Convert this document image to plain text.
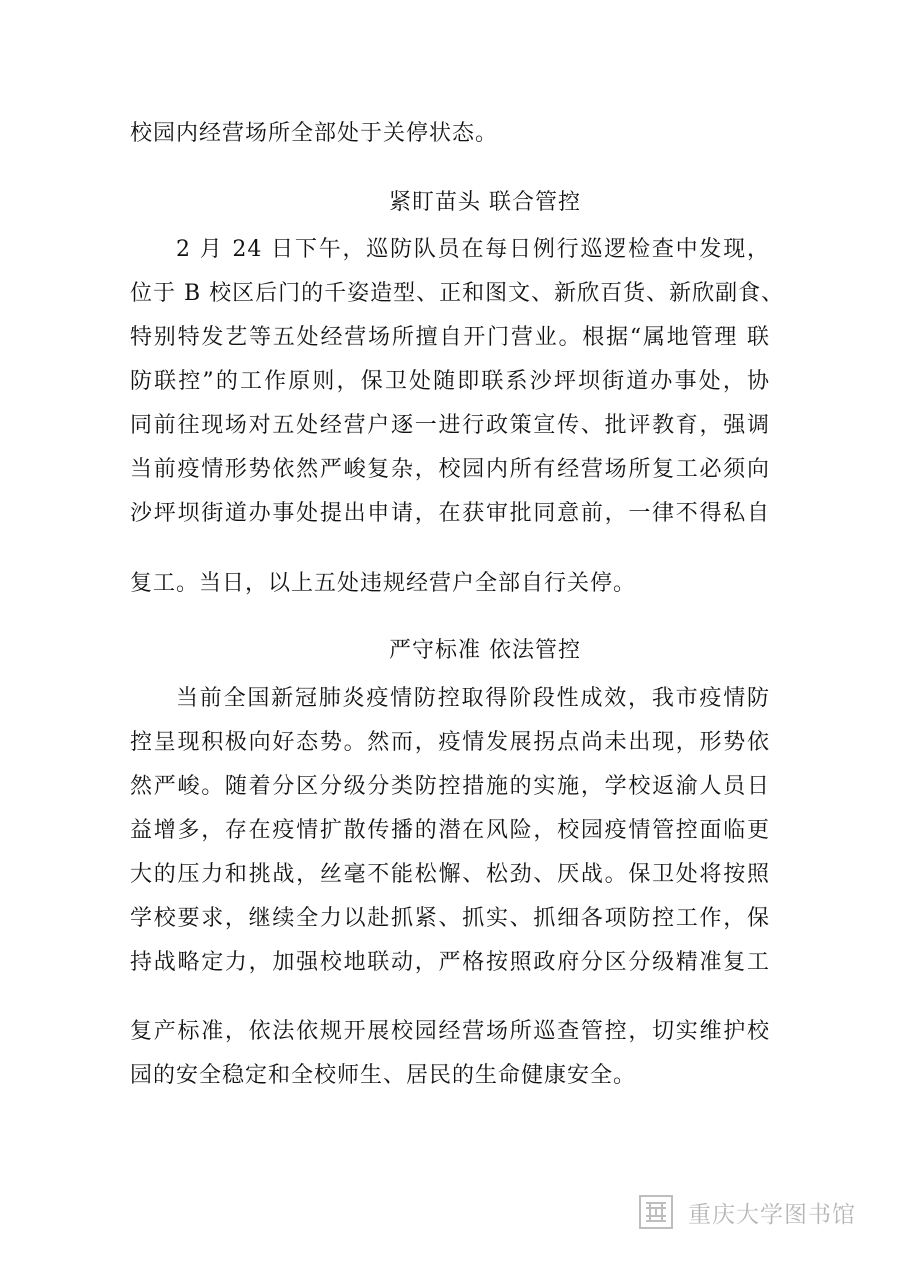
校园内经营场所全部处于关停状态。
紧盯苗头 联合管控
2 月 24 日下午，巡防队员在每日例行巡逻检查中发现，
位于 B 校区后门的千姿造型、正和图文、新欣百货、新欣副食、
特别特发艺等五处经营场所擅自开门营业。根据“属地管理 联
防联控”的工作原则，保卫处随即联系沙坪坝街道办事处，协
同前往现场对五处经营户逐一进行政策宣传、批评教育，强调
当前疫情形势依然严峻复杂，校园内所有经营场所复工必须向
沙坪坝街道办事处提出申请，在获审批同意前，一律不得私自
复工。当日，以上五处违规经营户全部自行关停。
严守标准 依法管控
当前全国新冠肺炎疫情防控取得阶段性成效，我市疫情防
控呈现积极向好态势。然而，疫情发展拐点尚未出现，形势依
然严峻。随着分区分级分类防控措施的实施，学校返渝人员日
益增多，存在疫情扩散传播的潜在风险，校园疫情管控面临更
大的压力和挑战，丝毫不能松懈、松劲、厌战。保卫处将按照
学校要求，继续全力以赴抓紧、抓实、抓细各项防控工作，保
持战略定力，加强校地联动，严格按照政府分区分级精准复工
复产标准，依法依规开展校园经营场所巡查管控，切实维护校
园的安全稳定和全校师生、居民的生命健康安全。
重庆大学图书馆
